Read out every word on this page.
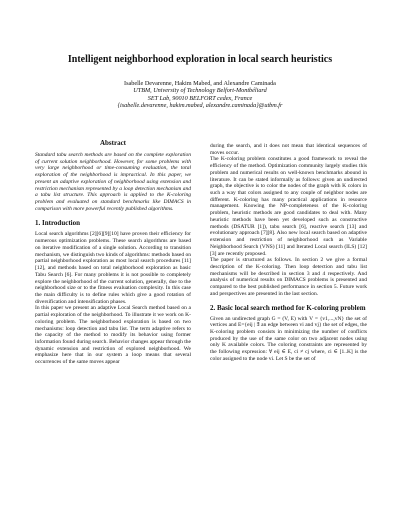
Intelligent neighborhood exploration in local search heuristics
Isabelle Devarenne, Hakim Mabed, and Alexandre Caminada
UTBM, University of Technology Belfort-Montbéliard
SET Lab, 90010 BELFORT cedex, France
{isabelle.devarenne, hakim.mabed, alexandre.caminada}@utbm.fr
Abstract

Standard tabu search methods are based on the complete exploration of current solution neighborhood. However, for some problems with very large neighborhood or time-consuming evaluation, the total exploration of the neighborhood is impractical. In this paper, we present an adaptive exploration of neighborhood using extension and restriction mechanism represented by a loop detection mechanism and a tabu list structure. This approach is applied to the K-coloring problem and evaluated on standard benchmarks like DIMACS in comparison with more powerful recently published algorithms.

1. Introduction

Local search algorithms [2][6][9][10] have proven their efficiency for numerous optimization problems. These search algorithms are based on iterative modification of a single solution. According to transition mechanism, we distinguish two kinds of algorithms: methods based on partial neighborhood exploration as most local search procedures [11][12], and methods based on total neighborhood exploration as basic Tabu Search [6]. For many problems it is not possible to completely explore the neighborhood of the current solution, generally, due to the neighborhood size or to the fitness evaluation complexity. In this case the main difficulty is to define rules which give a good rotation of diversification and intensification phases.

In this paper we present an adaptive Local Search method based on a partial exploration of the neighborhood. To illustrate it we work on K-coloring problem. The neighborhood exploration is based on two mechanisms: loop detection and tabu list. The term adaptive refers to the capacity of the method to modify its behavior using former information found during search. Behavior changes appear through the dynamic extension and restriction of explored neighborhood. We emphasize here that in our system a loop means that several occurrences of the same moves appear

during the search, and it does not mean that identical sequences of moves occur.

The K-coloring problem constitutes a good framework to reveal the efficiency of the method. Optimization community largely studies this problem and numerical results on well-known benchmarks abound in literature. It can be stated informally as follows: given an undirected graph, the objective is to color the nodes of the graph with K colors in such a way that colors assigned to any couple of neighbor nodes are different. K-coloring has many practical applications in resource management. Knowing the NP-completeness of the K-coloring problem, heuristic methods are good candidates to deal with. Many heuristic methods have been yet developed such as constructive methods (DSATUR [1]), tabu search [6], reactive search [13] and evolutionary approach [7][8]. Also new local search based on adaptive extension and restriction of neighborhood such as Variable Neighborhood Search (VNS) [11] and Iterated Local search (ILS) [12][3] are recently proposed.

The paper is structured as follows. In section 2 we give a formal description of the K-coloring. Then loop detection and tabu list mechanisms will be described in section 3 and 4 respectively. And analysis of numerical results on DIMACS problems is presented and compared to the best published performance in section 5. Future work and perspectives are presented in the last section.

2. Basic local search method for K-coloring problem

Given an undirected graph G = (V, E) with V = {v1,...,vN} the set of vertices and E={eij | ∃ an edge between vi and vj} the set of edges, the K-coloring problem consists in minimizing the number of conflicts produced by the use of the same color on two adjacent nodes using only K available colors. The coloring constraints are represented by the following expression: ∀ eij ∈ E, ci ≠ cj where, ci ∈ [1..K] is the color assigned to the node vi. Let S be the set of
